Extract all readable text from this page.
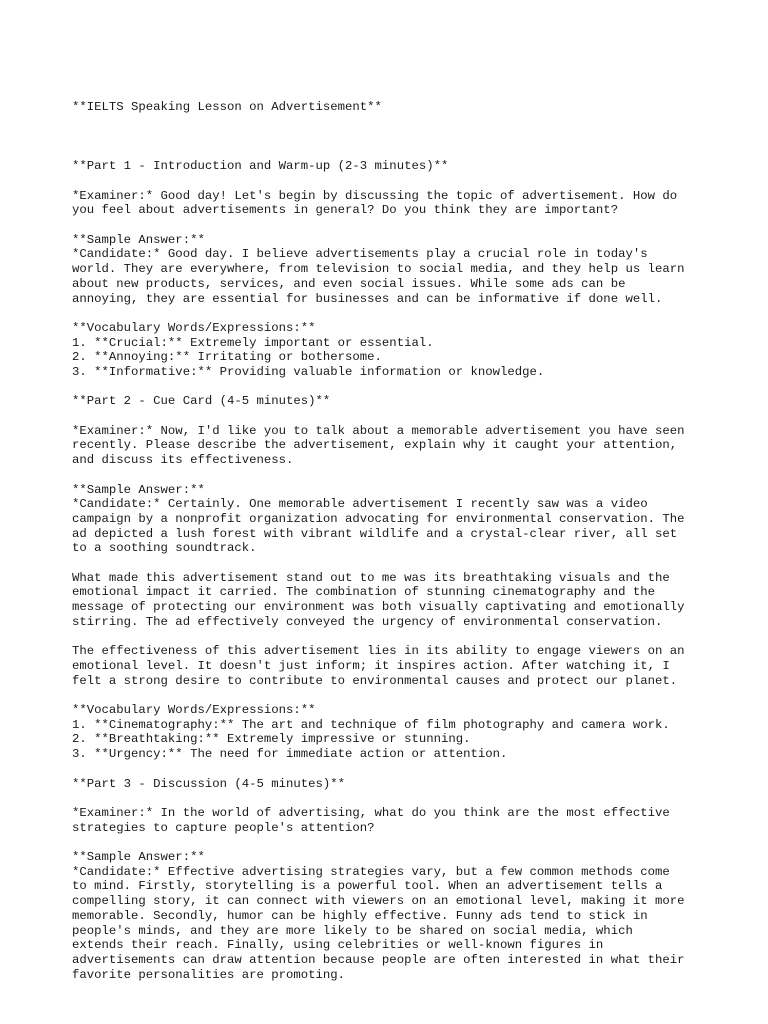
**IELTS Speaking Lesson on Advertisement**

**Part 1 - Introduction and Warm-up (2-3 minutes)**
*Examiner:* Good day! Let's begin by discussing the topic of advertisement. How do
you feel about advertisements in general? Do you think they are important?
**Sample Answer:**
*Candidate:* Good day. I believe advertisements play a crucial role in today's
world. They are everywhere, from television to social media, and they help us learn
about new products, services, and even social issues. While some ads can be
annoying, they are essential for businesses and can be informative if done well.
**Vocabulary Words/Expressions:**
1. **Crucial:** Extremely important or essential.
2. **Annoying:** Irritating or bothersome.
3. **Informative:** Providing valuable information or knowledge.
**Part 2 - Cue Card (4-5 minutes)**
*Examiner:* Now, I'd like you to talk about a memorable advertisement you have seen
recently. Please describe the advertisement, explain why it caught your attention,
and discuss its effectiveness.
**Sample Answer:**
*Candidate:* Certainly. One memorable advertisement I recently saw was a video
campaign by a nonprofit organization advocating for environmental conservation. The
ad depicted a lush forest with vibrant wildlife and a crystal-clear river, all set
to a soothing soundtrack.
What made this advertisement stand out to me was its breathtaking visuals and the
emotional impact it carried. The combination of stunning cinematography and the
message of protecting our environment was both visually captivating and emotionally
stirring. The ad effectively conveyed the urgency of environmental conservation.
The effectiveness of this advertisement lies in its ability to engage viewers on an
emotional level. It doesn't just inform; it inspires action. After watching it, I
felt a strong desire to contribute to environmental causes and protect our planet.
**Vocabulary Words/Expressions:**
1. **Cinematography:** The art and technique of film photography and camera work.
2. **Breathtaking:** Extremely impressive or stunning.
3. **Urgency:** The need for immediate action or attention.
**Part 3 - Discussion (4-5 minutes)**
*Examiner:* In the world of advertising, what do you think are the most effective
strategies to capture people's attention?
**Sample Answer:**
*Candidate:* Effective advertising strategies vary, but a few common methods come
to mind. Firstly, storytelling is a powerful tool. When an advertisement tells a
compelling story, it can connect with viewers on an emotional level, making it more
memorable. Secondly, humor can be highly effective. Funny ads tend to stick in
people's minds, and they are more likely to be shared on social media, which
extends their reach. Finally, using celebrities or well-known figures in
advertisements can draw attention because people are often interested in what their
favorite personalities are promoting.
